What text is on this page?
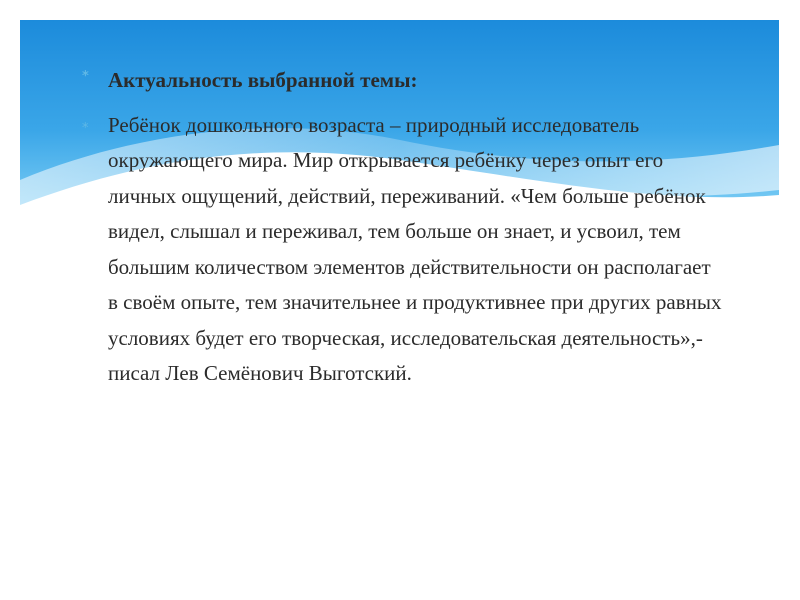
* Актуальность выбранной темы:
* Ребёнок дошкольного возраста – природный исследователь окружающего мира. Мир открывается ребёнку через опыт его личных ощущений, действий, переживаний. «Чем больше ребёнок видел, слышал и переживал, тем больше он знает, и усвоил, тем большим количеством элементов действительности он располагает в своём опыте, тем значительнее и продуктивнее при других равных условиях будет его творческая, исследовательская деятельность»,- писал Лев Семёнович Выготский.
